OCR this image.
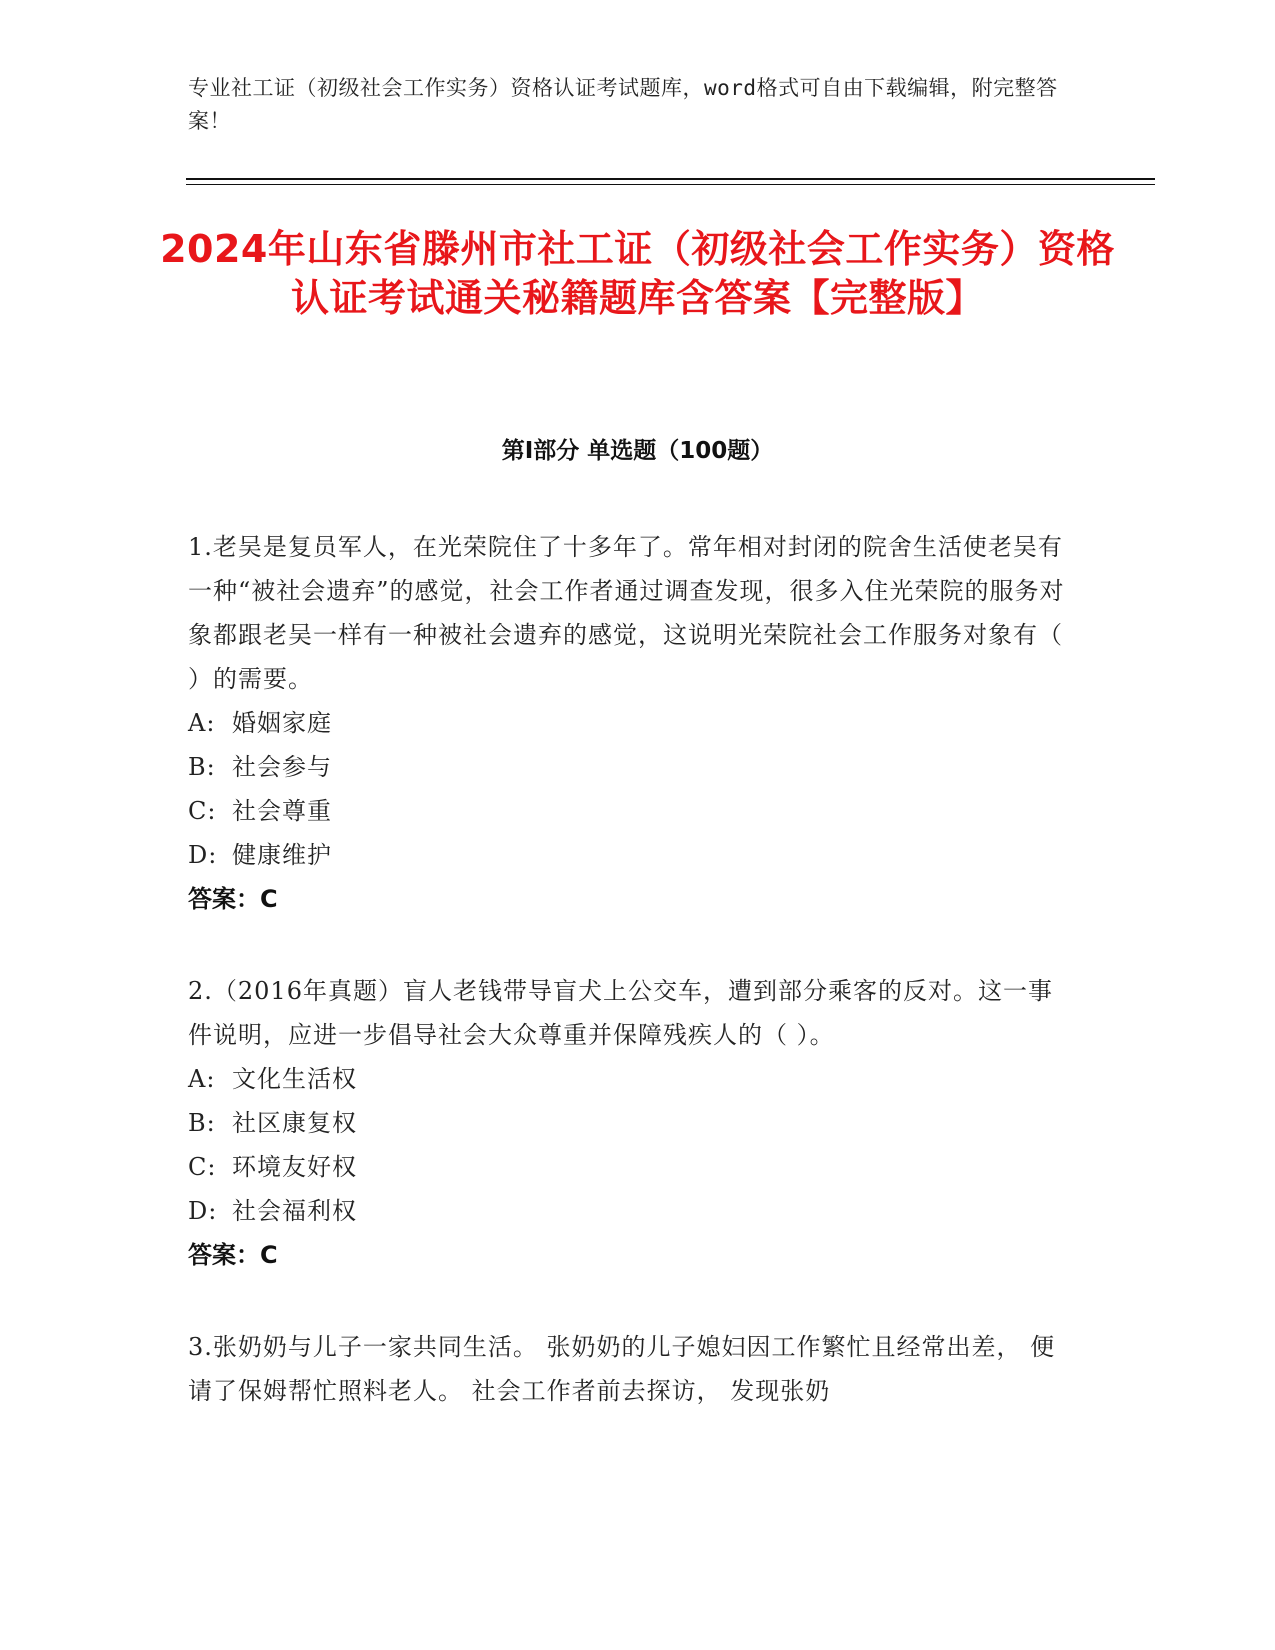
专业社工证（初级社会工作实务）资格认证考试题库，word格式可自由下载编辑，附完整答案！
2024年山东省滕州市社工证（初级社会工作实务）资格认证考试通关秘籍题库含答案【完整版】
第Ⅰ部分 单选题（100题）

1.老吴是复员军人，在光荣院住了十多年了。常年相对封闭的院舍生活使老吴有一种“被社会遗弃”的感觉，社会工作者通过调查发现，很多入住光荣院的服务对象都跟老吴一样有一种被社会遗弃的感觉，这说明光荣院社会工作服务对象有（ ）的需要。

A: 婚姻家庭

B: 社会参与

C: 社会尊重

D: 健康维护

答案：C

2.（2016年真题）盲人老钱带导盲犬上公交车，遭到部分乘客的反对。这一事件说明，应进一步倡导社会大众尊重并保障残疾人的（ ）。

A: 文化生活权

B: 社区康复权

C: 环境友好权

D: 社会福利权

答案：C

3.张奶奶与儿子一家共同生活。 张奶奶的儿子媳妇因工作繁忙且经常出差， 便请了保姆帮忙照料老人。 社会工作者前去探访， 发现张奶
